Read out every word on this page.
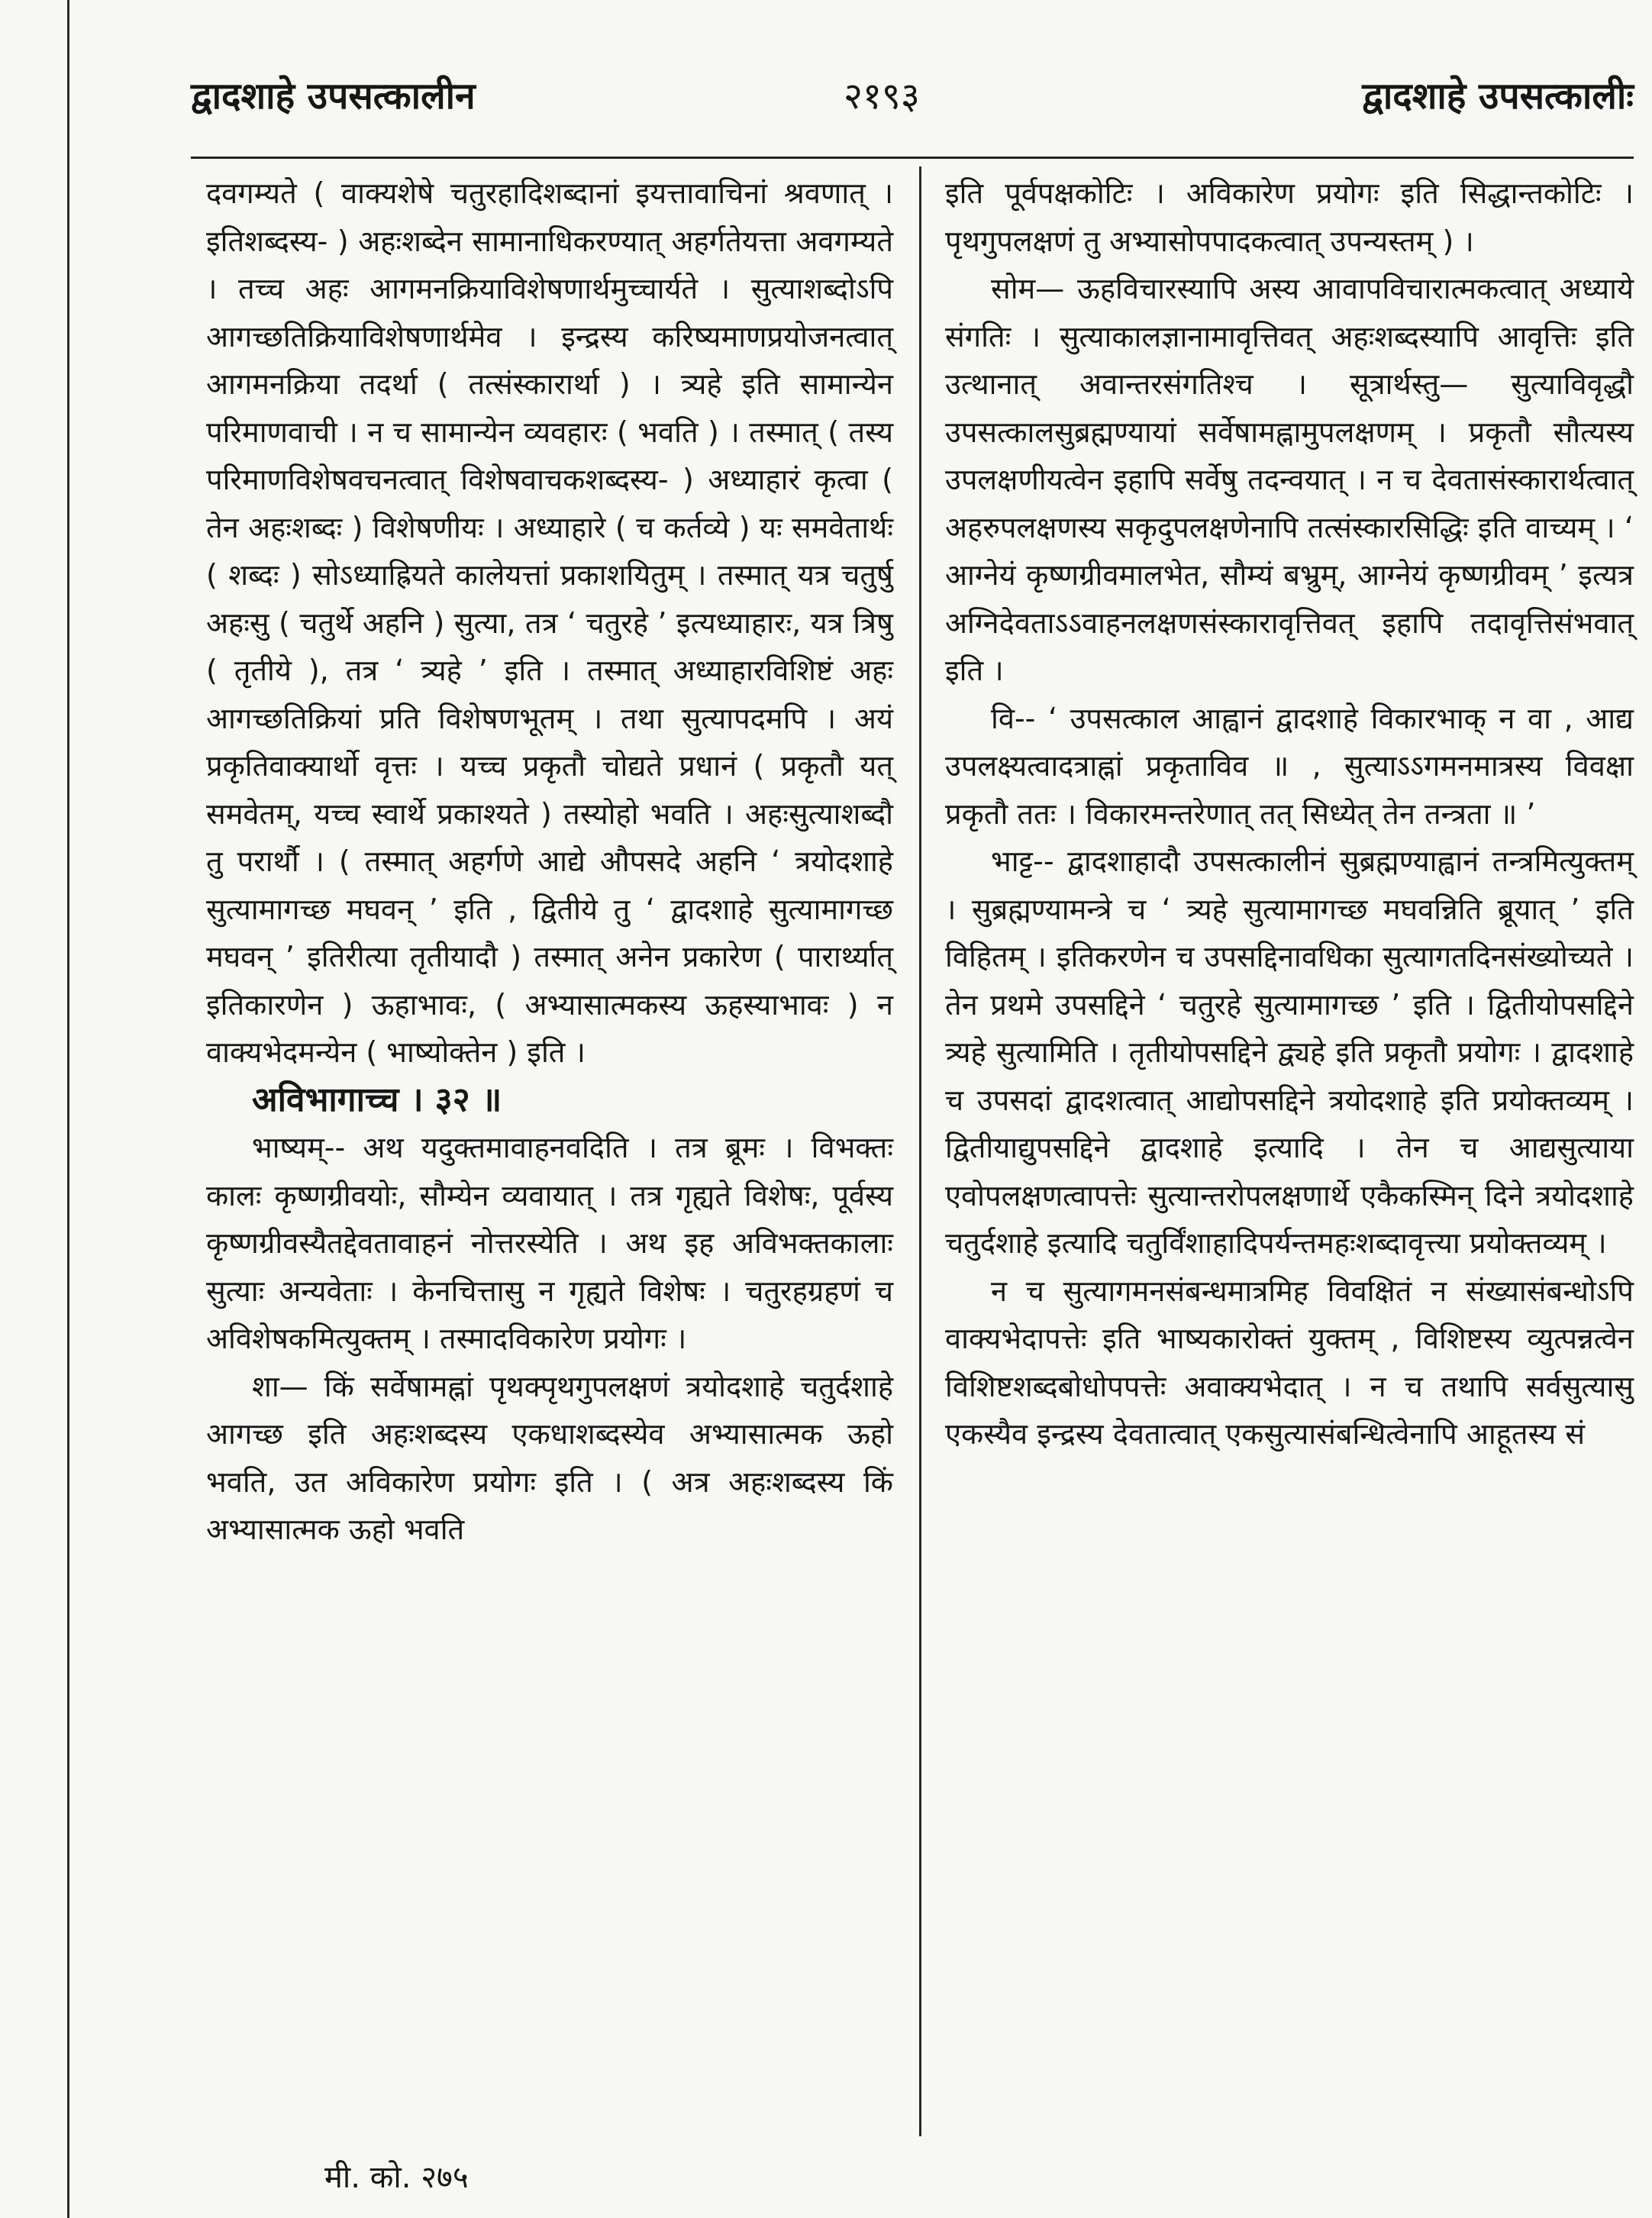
द्वादशाहे उपसत्कालीन	२१९३	द्वादशाहे उपसत्कालीः

दवगम्यते ( वाक्यशेषे चतुरहादिशब्दानां इयत्तावाचिनां श्रवणात् । इतिशब्दस्य- ) अहःशब्देन सामानाधिकरण्यात् अहर्गतेयत्ता अवगम्यते । तच्च अहः आगमनक्रियाविशेषणार्थमुच्चार्यते । सुत्याशब्दोऽपि आगच्छतिक्रियाविशेषणार्थमेव । इन्द्रस्य करिष्यमाणप्रयोजनत्वात् आगमनक्रिया तदर्था ( तत्संस्कारार्था ) । त्र्यहे इति सामान्येन परिमाणवाची । न च सामान्येन व्यवहारः ( भवति ) । तस्मात् ( तस्य परिमाणविशेषवचनत्वात् विशेषवाचकशब्दस्य- ) अध्याहारं कृत्वा ( तेन अहःशब्दः ) विशेषणीयः । अध्याहारे ( च कर्तव्ये ) यः समवेतार्थः ( शब्दः ) सोऽध्याह्रियते कालेयत्तां प्रकाशयितुम् । तस्मात् यत्र चतुर्षु अहःसु ( चतुर्थे अहनि ) सुत्या, तत्र ‘ चतुरहे ’ इत्यध्याहारः, यत्र त्रिषु ( तृतीये ), तत्र ‘ त्र्यहे ’ इति । तस्मात् अध्याहारविशिष्टं अहः आगच्छतिक्रियां प्रति विशेषणभूतम् । तथा सुत्यापदमपि । अयं प्रकृतिवाक्यार्थो वृत्तः । यच्च प्रकृतौ चोद्यते प्रधानं ( प्रकृतौ यत् समवेतम्, यच्च स्वार्थे प्रकाश्यते ) तस्योहो भवति । अहःसुत्याशब्दौ तु परार्थौ । ( तस्मात् अहर्गणे आद्ये औपसदे अहनि ‘ त्रयोदशाहे सुत्यामागच्छ मघवन् ’ इति , द्वितीये तु ‘ द्वादशाहे सुत्यामागच्छ मघवन् ’ इतिरीत्या तृतीयादौ ) तस्मात् अनेन प्रकारेण ( पारार्थ्यात् इतिकारणेन ) ऊहाभावः, ( अभ्यासात्मकस्य ऊहस्याभावः ) न वाक्यभेदमन्येन ( भाष्योक्तेन ) इति ।

अविभागाच्च । ३२ ॥

भाष्यम्-- अथ यदुक्तमावाहनवदिति । तत्र ब्रूमः । विभक्तः कालः कृष्णग्रीवयोः, सौम्येन व्यवायात् । तत्र गृह्यते विशेषः, पूर्वस्य कृष्णग्रीवस्यैतद्देवतावाहनं नोत्तरस्येति । अथ इह अविभक्तकालाः सुत्याः अन्यवेताः । केनचित्तासु न गृह्यते विशेषः । चतुरहग्रहणं च अविशेषकमित्युक्तम् । तस्मादविकारेण प्रयोगः ।

शा— किं सर्वेषामह्नां पृथक्पृथगुपलक्षणं त्रयोदशाहे चतुर्दशाहे आगच्छ इति अहःशब्दस्य एकधाशब्दस्येव अभ्यासात्मक ऊहो भवति, उत अविकारेण प्रयोगः इति । ( अत्र अहःशब्दस्य किं अभ्यासात्मक ऊहो भवति

इति पूर्वपक्षकोटिः । अविकारेण प्रयोगः इति सिद्धान्तकोटिः । पृथगुपलक्षणं तु अभ्यासोपपादकत्वात् उपन्यस्तम् ) ।

सोम— ऊहविचारस्यापि अस्य आवापविचारात्मकत्वात् अध्याये संगतिः । सुत्याकालज्ञानामावृत्तिवत् अहःशब्दस्यापि आवृत्तिः इति उत्थानात् अवान्तरसंगतिश्च । सूत्रार्थस्तु— सुत्याविवृद्धौ उपसत्कालसुब्रह्मण्यायां सर्वेषामह्नामुपलक्षणम् । प्रकृतौ सौत्यस्य उपलक्षणीयत्वेन इहापि सर्वेषु तदन्वयात् । न च देवतासंस्कारार्थत्वात् अहरुपलक्षणस्य सकृदुपलक्षणेनापि तत्संस्कारसिद्धिः इति वाच्यम् । ‘ आग्नेयं कृष्णग्रीवमालभेत, सौम्यं बभ्रुम्, आग्नेयं कृष्णग्रीवम् ’ इत्यत्र अग्निदेवताऽऽवाहनलक्षणसंस्कारावृत्तिवत् इहापि तदावृत्तिसंभवात् इति ।

वि-- ‘ उपसत्काल आह्वानं द्वादशाहे विकारभाक् न वा , आद्य उपलक्ष्यत्वादत्राह्नां प्रकृताविव ॥ , सुत्याऽऽगमनमात्रस्य विवक्षा प्रकृतौ ततः । विकारमन्तरेणात् तत् सिध्येत् तेन तन्त्रता ॥ ’

भाट्ट-- द्वादशाहादौ उपसत्कालीनं सुब्रह्मण्याह्वानं तन्त्रमित्युक्तम् । सुब्रह्मण्यामन्त्रे च ‘ त्र्यहे सुत्यामागच्छ मघवन्निति ब्रूयात् ’ इति विहितम् । इतिकरणेन च उपसद्दिनावधिका सुत्यागतदिनसंख्योच्यते । तेन प्रथमे उपसद्दिने ‘ चतुरहे सुत्यामागच्छ ’ इति । द्वितीयोपसद्दिने त्र्यहे सुत्यामिति । तृतीयोपसद्दिने द्व्यहे इति प्रकृतौ प्रयोगः । द्वादशाहे च उपसदां द्वादशत्वात् आद्योपसद्दिने त्रयोदशाहे इति प्रयोक्तव्यम् । द्वितीयाद्युपसद्दिने द्वादशाहे इत्यादि । तेन च आद्यसुत्याया एवोपलक्षणत्वापत्तेः सुत्यान्तरोपलक्षणार्थे एकैकस्मिन् दिने त्रयोदशाहे चतुर्दशाहे इत्यादि चतुर्विंशाहादिपर्यन्तमहःशब्दावृत्त्या प्रयोक्तव्यम् ।

न च सुत्यागमनसंबन्धमात्रमिह विवक्षितं न संख्यासंबन्धोऽपि वाक्यभेदापत्तेः इति भाष्यकारोक्तं युक्तम् , विशिष्टस्य व्युत्पन्नत्वेन विशिष्टशब्दबोधोपपत्तेः अवाक्यभेदात् । न च तथापि सर्वसुत्यासु एकस्यैव इन्द्रस्य देवतात्वात् एकसुत्यासंबन्धित्वेनापि आहूतस्य सं

मी. को. २७५
